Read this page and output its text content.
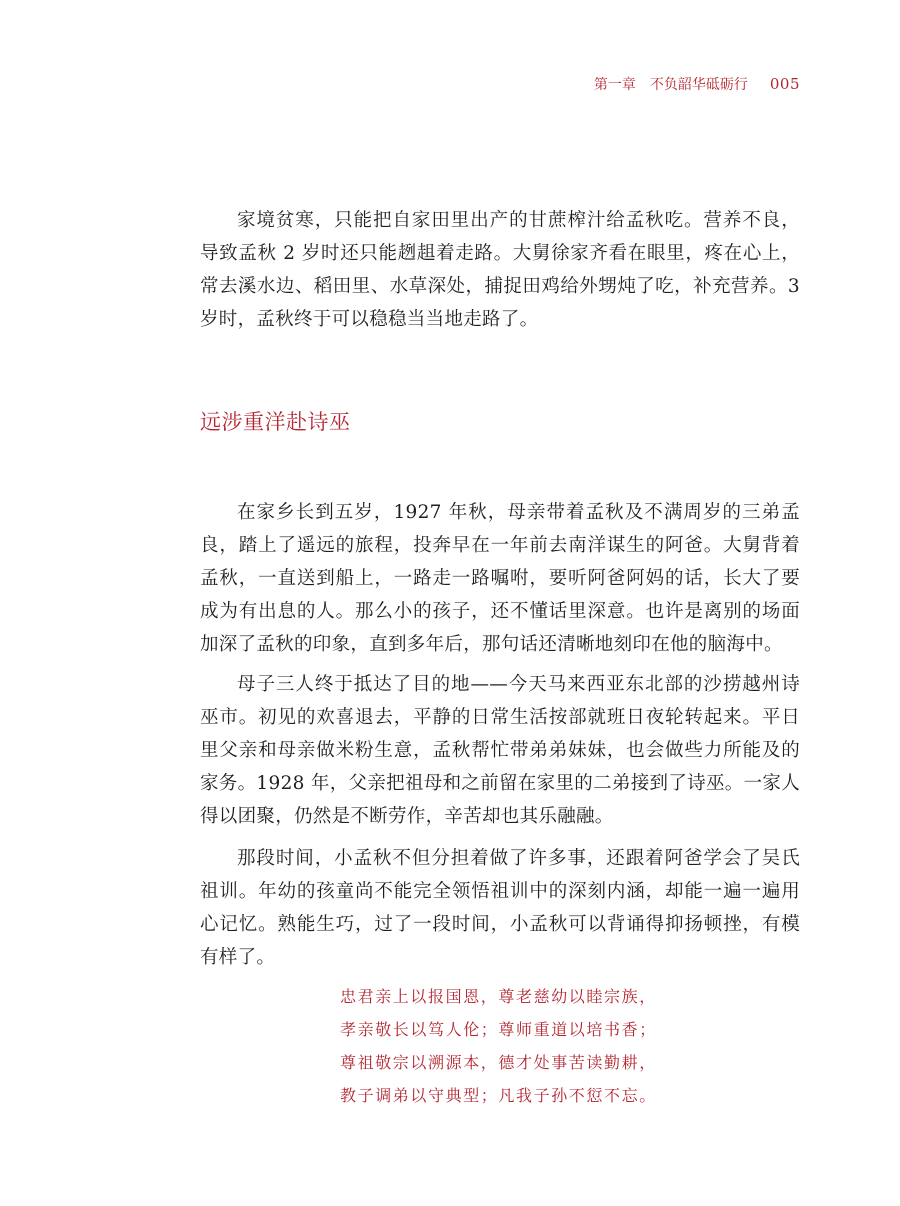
第一章　不负韶华砥砺行 005

家境贫寒，只能把自家田里出产的甘蔗榨汁给孟秋吃。营养不良，导致孟秋 2 岁时还只能趔趄着走路。大舅徐家齐看在眼里，疼在心上，常去溪水边、稻田里、水草深处，捕捉田鸡给外甥炖了吃，补充营养。3 岁时，孟秋终于可以稳稳当当地走路了。

远涉重洋赴诗巫

在家乡长到五岁，1927 年秋，母亲带着孟秋及不满周岁的三弟孟良，踏上了遥远的旅程，投奔早在一年前去南洋谋生的阿爸。大舅背着孟秋，一直送到船上，一路走一路嘱咐，要听阿爸阿妈的话，长大了要成为有出息的人。那么小的孩子，还不懂话里深意。也许是离别的场面加深了孟秋的印象，直到多年后，那句话还清晰地刻印在他的脑海中。

母子三人终于抵达了目的地——今天马来西亚东北部的沙捞越州诗巫市。初见的欢喜退去，平静的日常生活按部就班日夜轮转起来。平日里父亲和母亲做米粉生意，孟秋帮忙带弟弟妹妹，也会做些力所能及的家务。1928 年，父亲把祖母和之前留在家里的二弟接到了诗巫。一家人得以团聚，仍然是不断劳作，辛苦却也其乐融融。

那段时间，小孟秋不但分担着做了许多事，还跟着阿爸学会了吴氏祖训。年幼的孩童尚不能完全领悟祖训中的深刻内涵，却能一遍一遍用心记忆。熟能生巧，过了一段时间，小孟秋可以背诵得抑扬顿挫，有模有样了。

忠君亲上以报国恩，尊老慈幼以睦宗族，
孝亲敬长以笃人伦；尊师重道以培书香；
尊祖敬宗以溯源本，德才处事苦读勤耕，
教子调弟以守典型；凡我子孙不愆不忘。
